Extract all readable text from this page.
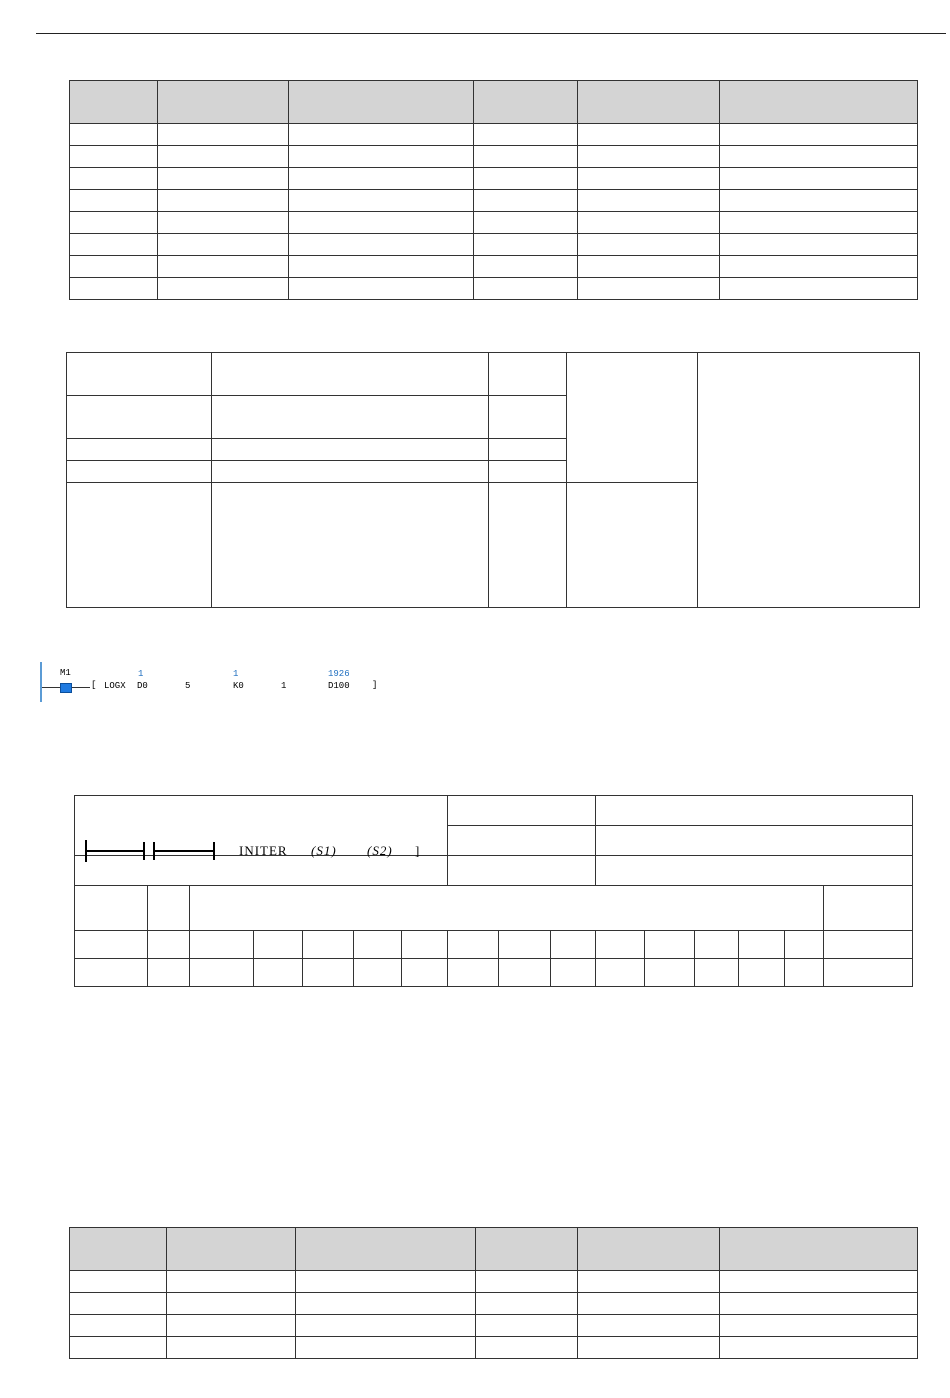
M1
[ LOGX
1
D0	5
1
K0	1
1926
D100 ]
INITER (S1) (S2) ]															
